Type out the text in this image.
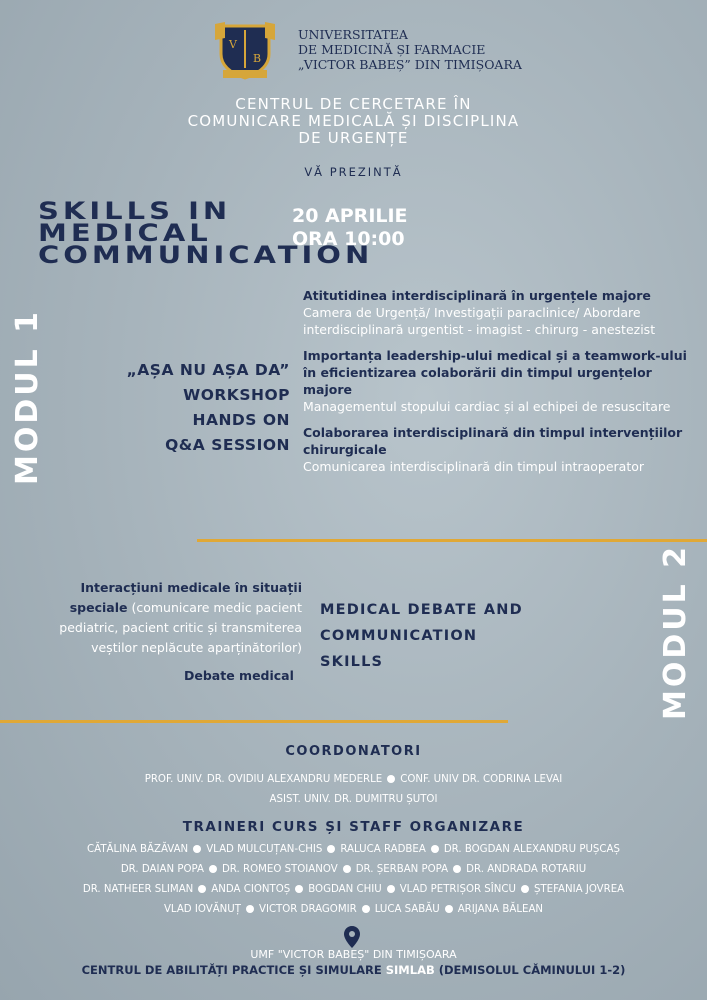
V
B
UNIVERSITATEA
DE MEDICINĂ ȘI FARMACIE
„VICTOR BABEȘ” DIN TIMIȘOARA
CENTRUL DE CERCETARE ÎN
COMUNICARE MEDICALĂ ȘI DISCIPLINA
DE URGENȚE
VĂ PREZINTĂ
SKILLS IN
MEDICAL
COMMUNICATION
20 APRILIE
ORA 10:00
MODUL 1	„AȘA NU AȘA DA”
WORKSHOP
HANDS ON
Q&A SESSION
Atitutidinea interdisciplinară în urgențele majore
Camera de Urgență/ Investigații paraclinice/ Abordare interdisciplinară urgentist - imagist - chirurg - anestezist
Importanța leadership-ului medical și a teamwork-ului în eficientizarea colaborării din timpul urgențelor majore
Managementul stopului cardiac și al echipei de resuscitare
Colaborarea interdisciplinară din timpul intervențiilor chirurgicale
Comunicarea interdisciplinară din timpul intraoperator
Interacțiuni medicale în situații speciale (comunicare medic pacient pediatric, pacient critic și transmiterea veștilor neplăcute aparținătorilor)
Debate medical
MEDICAL DEBATE AND
COMMUNICATION
SKILLS	MODUL 2
COORDONATORI
PROF. UNIV. DR. OVIDIU ALEXANDRU MEDERLE CONF. UNIV DR. CODRINA LEVAI
ASIST. UNIV. DR. DUMITRU ȘUTOI
TRAINERI CURS ȘI STAFF ORGANIZARE
CĂTĂLINA BĂZĂVAN VLAD MULCUȚAN-CHIS RALUCA RADBEA DR. BOGDAN ALEXANDRU PUȘCAȘ
DR. DAIAN POPA DR. ROMEO STOIANOV DR. ȘERBAN POPA DR. ANDRADA ROTARIU
DR. NATHEER SLIMAN ANDA CIONTOȘ BOGDAN CHIU VLAD PETRIȘOR SÎNCU ȘTEFANIA JOVREA
VLAD IOVĂNUȚ VICTOR DRAGOMIR LUCA SABĂU ARIJANA BĂLEAN
UMF "VICTOR BABEȘ" DIN TIMIȘOARA
CENTRUL DE ABILITĂȚI PRACTICE ȘI SIMULARE SIMLAB (DEMISOLUL CĂMINULUI 1-2)
